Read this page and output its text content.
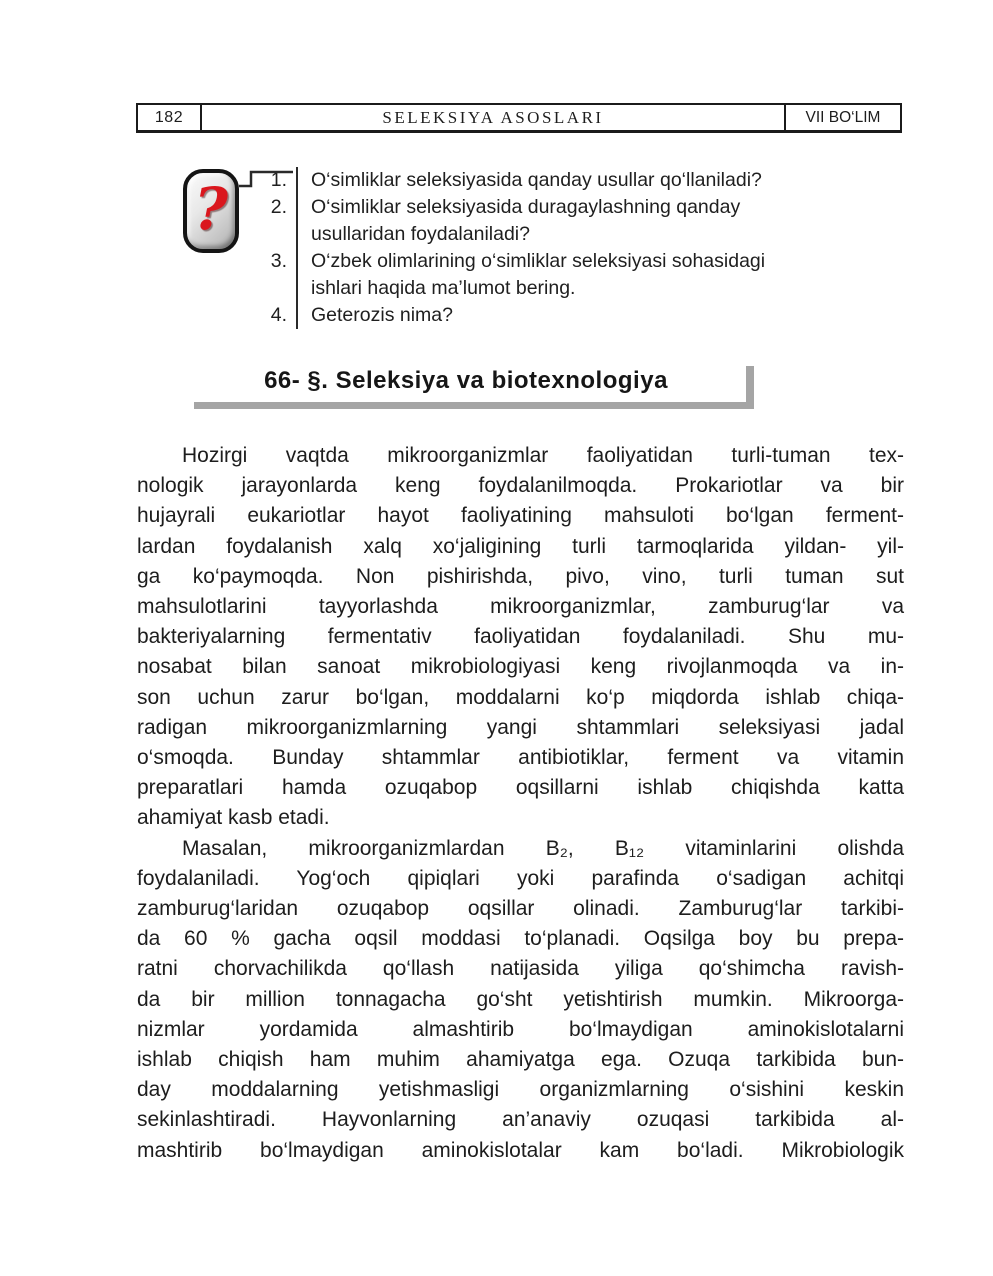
182	SELEKSIYA ASOSLARI	VII BO‘LIM
?	1.	O‘simliklar seleksiyasida qanday usullar qo‘llaniladi?
2.	O‘simliklar seleksiyasida duragaylashning qanday
usullaridan foydalaniladi?
3.	O‘zbek olimlarining o‘simliklar seleksiyasi sohasidagi
ishlari haqida ma’lumot bering.
4.	Geterozis nima?
66- §. Seleksiya va biotexnologiya
Hozirgi vaqtda mikroorganizmlar faoliyatidan turli-tuman tex-
nologik jarayonlarda keng foydalanilmoqda. Prokariotlar va bir
hujayrali eukariotlar hayot faoliyatining mahsuloti bo‘lgan ferment-
lardan foydalanish xalq xo‘jaligining turli tarmoqlarida yildan- yil-
ga ko‘paymoqda. Non pishirishda, pivo, vino, turli tuman sut
mahsulotlarini tayyorlashda mikroorganizmlar, zamburug‘lar va
bakteriyalarning fermentativ faoliyatidan foydalaniladi. Shu mu-
nosabat bilan sanoat mikrobiologiyasi keng rivojlanmoqda va in-
son uchun zarur bo‘lgan, moddalarni ko‘p miqdorda ishlab chiqa-
radigan mikroorganizmlarning yangi shtammlari seleksiyasi jadal
o‘smoqda. Bunday shtammlar antibiotiklar, ferment va vitamin
preparatlari hamda ozuqabop oqsillarni ishlab chiqishda katta
ahamiyat kasb etadi.
Masalan, mikroorganizmlardan B₂, B₁₂ vitaminlarini olishda
foydalaniladi. Yog‘och qipiqlari yoki parafinda o‘sadigan achitqi
zamburug‘laridan ozuqabop oqsillar olinadi. Zamburug‘lar tarkibi-
da 60 % gacha oqsil moddasi to‘planadi. Oqsilga boy bu prepa-
ratni chorvachilikda qo‘llash natijasida yiliga qo‘shimcha ravish-
da bir million tonnagacha go‘sht yetishtirish mumkin. Mikroorga-
nizmlar yordamida almashtirib bo‘lmaydigan aminokislotalarni
ishlab chiqish ham muhim ahamiyatga ega. Ozuqa tarkibida bun-
day moddalarning yetishmasligi organizmlarning o‘sishini keskin
sekinlashtiradi. Hayvonlarning an’anaviy ozuqasi tarkibida al-
mashtirib bo‘lmaydigan aminokislotalar kam bo‘ladi. Mikrobiologik
